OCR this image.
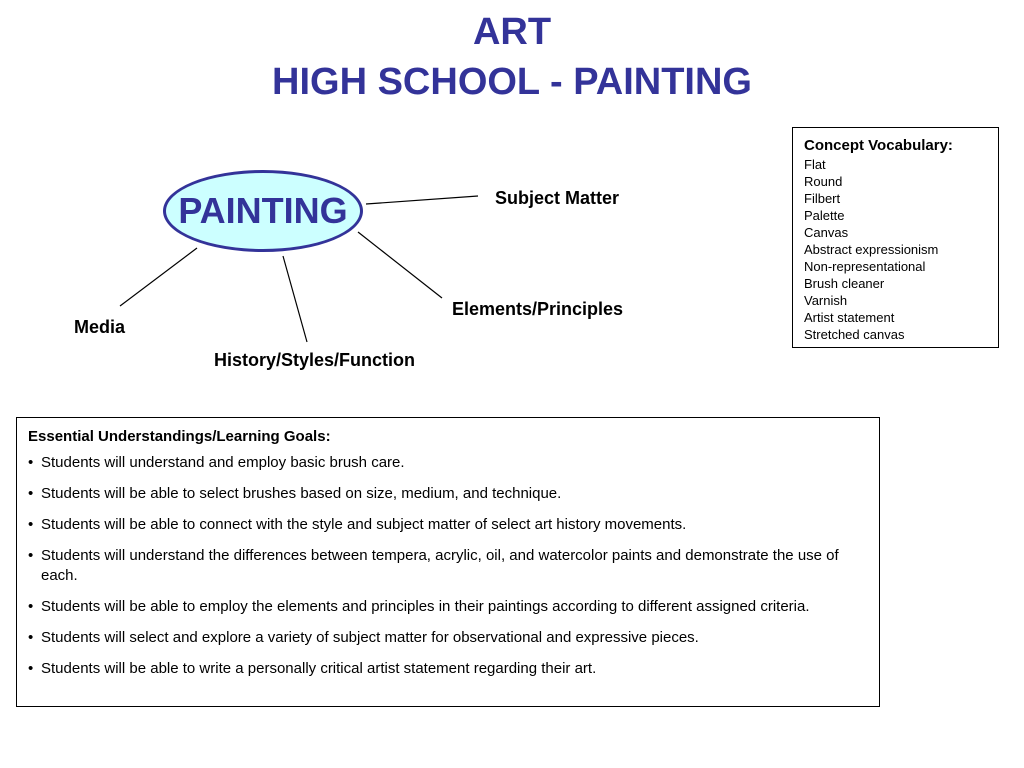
ART
HIGH SCHOOL - PAINTING
PAINTING	Subject Matter
Elements/Principles
Media
History/Styles/Function
Concept Vocabulary:
Flat
Round
Filbert
Palette
Canvas
Abstract expressionism
Non-representational
Brush cleaner
Varnish
Artist statement
Stretched canvas
Essential Understandings/Learning Goals:
• Students will understand and employ basic brush care.
• Students will be able to select brushes based on size, medium, and technique.
• Students will be able to connect with the style and subject matter of select art history movements.
• Students will understand the differences between tempera, acrylic, oil, and watercolor paints and demonstrate the use of each.
• Students will be able to employ the elements and principles in their paintings according to different assigned criteria.
• Students will select and explore a variety of subject matter for observational and expressive pieces.
• Students will be able to write a personally critical artist statement regarding their art.
